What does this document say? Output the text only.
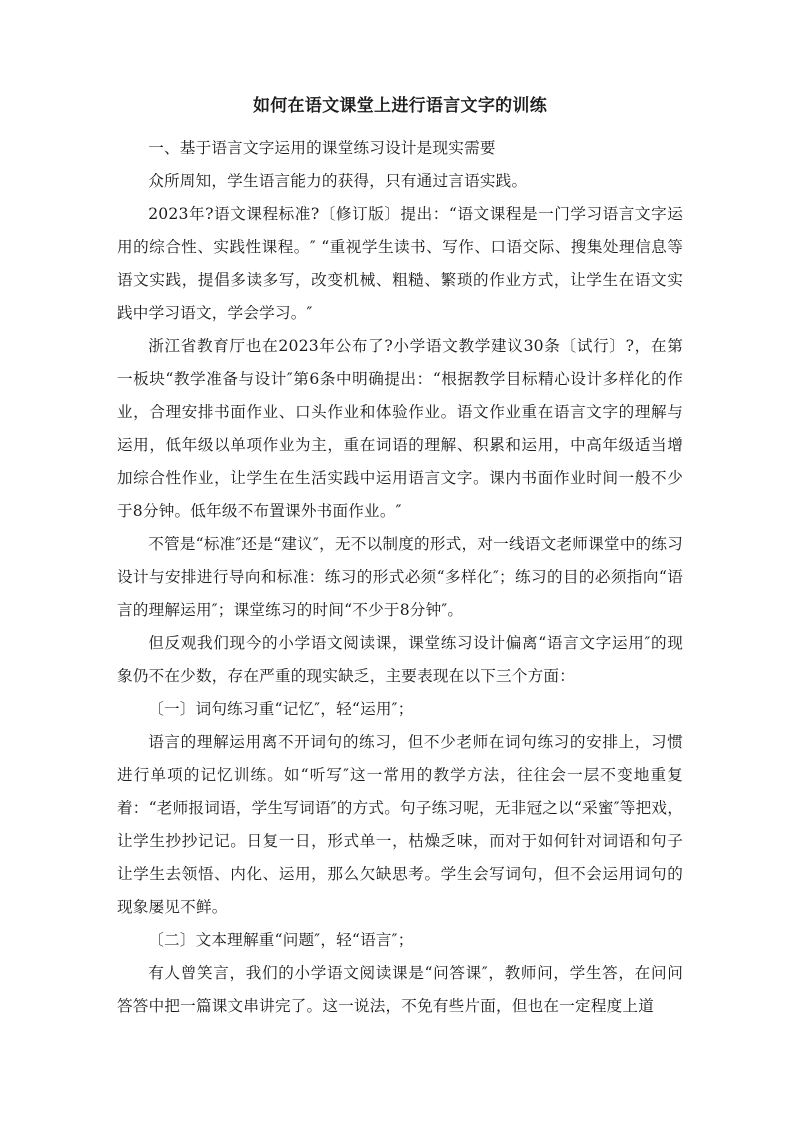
如何在语文课堂上进行语言文字的训练

一、基于语言文字运用的课堂练习设计是现实需要

众所周知，学生语言能力的获得，只有通过言语实践。

2023年?语文课程标准?〔修订版〕提出：“语文课程是一门学习语言文字运用的综合性、实践性课程。″ “重视学生读书、写作、口语交际、搜集处理信息等语文实践，提倡多读多写，改变机械、粗糙、繁琐的作业方式，让学生在语文实践中学习语文，学会学习。″

浙江省教育厅也在2023年公布了?小学语文教学建议30条〔试行〕?，在第一板块“教学准备与设计″第6条中明确提出：“根据教学目标精心设计多样化的作业，合理安排书面作业、口头作业和体验作业。语文作业重在语言文字的理解与运用，低年级以单项作业为主，重在词语的理解、积累和运用，中高年级适当增加综合性作业，让学生在生活实践中运用语言文字。课内书面作业时间一般不少于8分钟。低年级不布置课外书面作业。″

不管是“标准″还是“建议″，无不以制度的形式，对一线语文老师课堂中的练习设计与安排进行导向和标准：练习的形式必须“多样化″；练习的目的必须指向“语言的理解运用″；课堂练习的时间“不少于8分钟″。

但反观我们现今的小学语文阅读课，课堂练习设计偏离“语言文字运用″的现象仍不在少数，存在严重的现实缺乏，主要表现在以下三个方面：

〔一〕词句练习重“记忆″，轻“运用″；

语言的理解运用离不开词句的练习，但不少老师在词句练习的安排上，习惯进行单项的记忆训练。如“听写″这一常用的教学方法，往往会一层不变地重复着：“老师报词语，学生写词语″的方式。句子练习呢，无非冠之以“采蜜″等把戏，让学生抄抄记记。日复一日，形式单一，枯燥乏味，而对于如何针对词语和句子让学生去领悟、内化、运用，那么欠缺思考。学生会写词句，但不会运用词句的现象屡见不鲜。

〔二〕文本理解重“问题″，轻“语言″；

有人曾笑言，我们的小学语文阅读课是“问答课″，教师问，学生答，在问问答答中把一篇课文串讲完了。这一说法，不免有些片面，但也在一定程度上道
